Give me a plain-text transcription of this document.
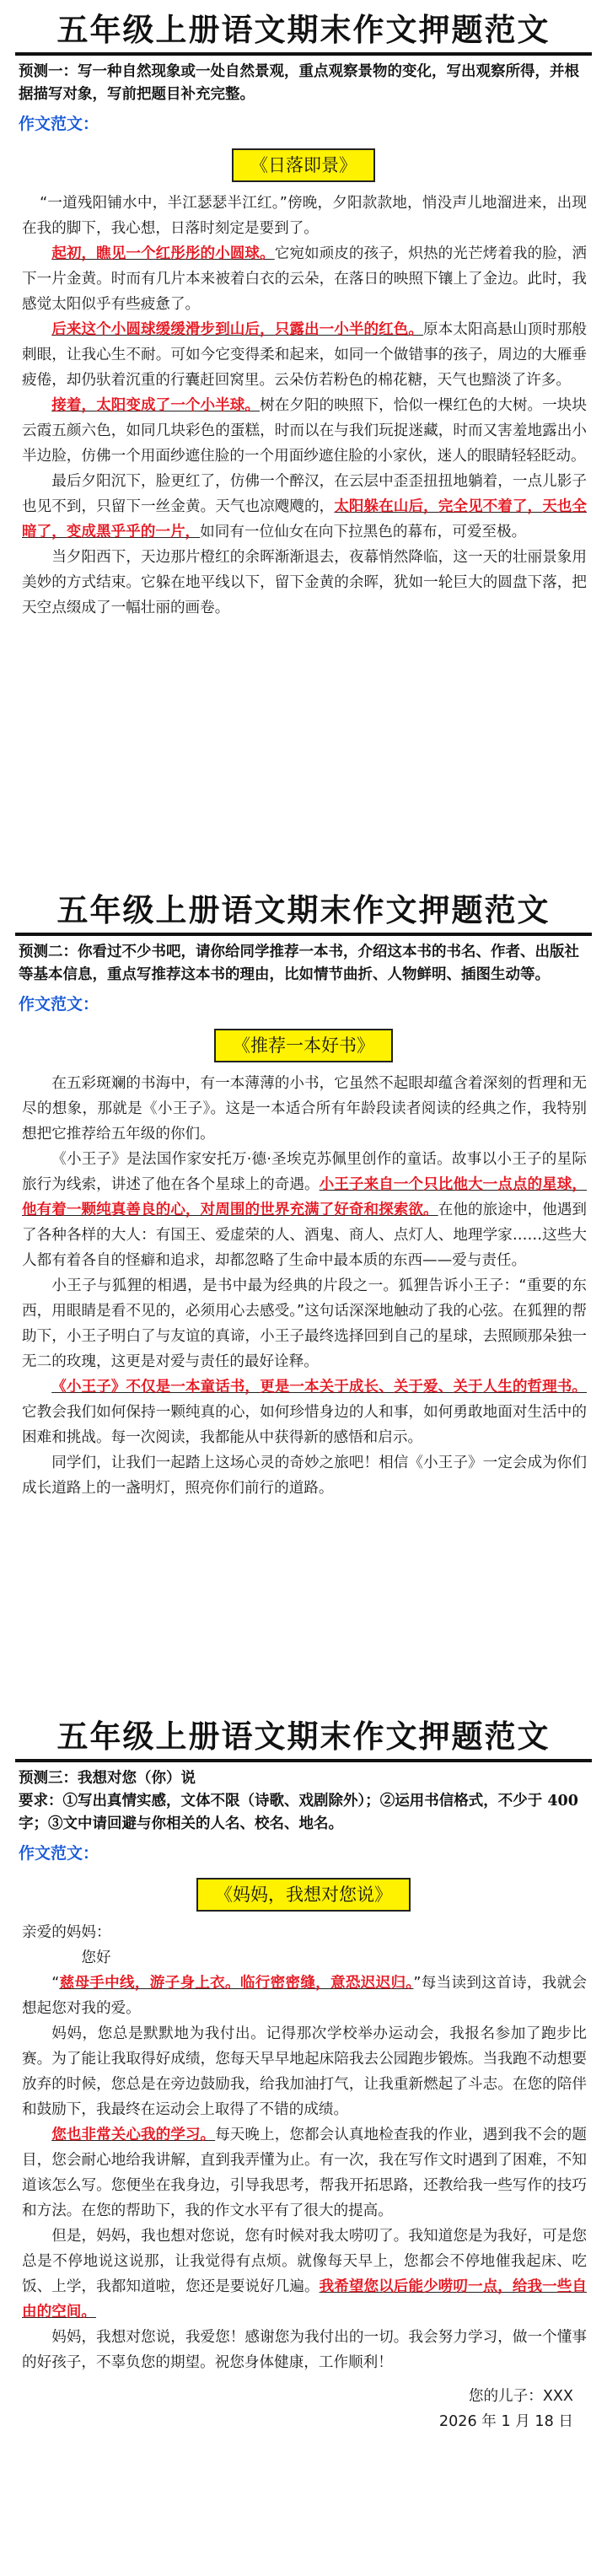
五年级上册语文期末作文押题范文
预测一：写一种自然现象或一处自然景观，重点观察景物的变化，写出观察所得，并根据描写对象，写前把题目补充完整。
作文范文：
《日落即景》

“一道残阳铺水中，半江瑟瑟半江红。”傍晚，夕阳款款地，悄没声儿地溜进来，出现在我的脚下，我心想，日落时刻定是要到了。

起初，瞧见一个红彤彤的小圆球。它宛如顽皮的孩子，炽热的光芒烤着我的脸，洒下一片金黄。时而有几片本来被着白衣的云朵，在落日的映照下镶上了金边。此时，我感觉太阳似乎有些疲惫了。

后来这个小圆球缓缓滑步到山后，只露出一小半的红色。原本太阳高悬山顶时那般刺眼，让我心生不耐。可如今它变得柔和起来，如同一个做错事的孩子，周边的大雁垂疲倦，却仍驮着沉重的行囊赶回窝里。云朵仿若粉色的棉花糖，天气也黯淡了许多。

接着，太阳变成了一个小半球。树在夕阳的映照下，恰似一棵红色的大树。一块块云霞五颜六色，如同几块彩色的蛋糕，时而以在与我们玩捉迷藏，时而又害羞地露出小半边脸，仿佛一个用面纱遮住脸的一个用面纱遮住脸的小家伙，迷人的眼睛轻轻眨动。

最后夕阳沉下，脸更红了，仿佛一个醉汉，在云层中歪歪扭扭地躺着，一点儿影子也见不到，只留下一丝金黄。天气也凉飕飕的，太阳躲在山后，完全见不着了，天也全暗了，变成黑乎乎的一片，如同有一位仙女在向下拉黑色的幕布，可爱至极。

当夕阳西下，天边那片橙红的余晖渐渐退去，夜幕悄然降临，这一天的壮丽景象用美妙的方式结束。它躲在地平线以下，留下金黄的余晖，犹如一轮巨大的圆盘下落，把天空点缀成了一幅壮丽的画卷。

五年级上册语文期末作文押题范文
预测二：你看过不少书吧，请你给同学推荐一本书，介绍这本书的书名、作者、出版社等基本信息，重点写推荐这本书的理由，比如情节曲折、人物鲜明、插图生动等。
作文范文：
《推荐一本好书》

在五彩斑斓的书海中，有一本薄薄的小书，它虽然不起眼却蕴含着深刻的哲理和无尽的想象，那就是《小王子》。这是一本适合所有年龄段读者阅读的经典之作，我特别想把它推荐给五年级的你们。

《小王子》是法国作家安托万·德·圣埃克苏佩里创作的童话。故事以小王子的星际旅行为线索，讲述了他在各个星球上的奇遇。小王子来自一个只比他大一点点的星球，他有着一颗纯真善良的心，对周围的世界充满了好奇和探索欲。在他的旅途中，他遇到了各种各样的大人：有国王、爱虚荣的人、酒鬼、商人、点灯人、地理学家……这些大人都有着各自的怪癖和追求，却都忽略了生命中最本质的东西——爱与责任。

小王子与狐狸的相遇，是书中最为经典的片段之一。狐狸告诉小王子：“重要的东西，用眼睛是看不见的，必须用心去感受。”这句话深深地触动了我的心弦。在狐狸的帮助下，小王子明白了与友谊的真谛，小王子最终选择回到自己的星球，去照顾那朵独一无二的玫瑰，这更是对爱与责任的最好诠释。

《小王子》不仅是一本童话书，更是一本关于成长、关于爱、关于人生的哲理书。它教会我们如何保持一颗纯真的心，如何珍惜身边的人和事，如何勇敢地面对生活中的困难和挑战。每一次阅读，我都能从中获得新的感悟和启示。

同学们，让我们一起踏上这场心灵的奇妙之旅吧！相信《小王子》一定会成为你们成长道路上的一盏明灯，照亮你们前行的道路。

五年级上册语文期末作文押题范文
预测三：我想对您（你）说
要求：①写出真情实感，文体不限（诗歌、戏剧除外）；②运用书信格式，不少于 400 字；③文中请回避与你相关的人名、校名、地名。
作文范文：
《妈妈，我想对您说》

亲爱的妈妈：

您好

“慈母手中线，游子身上衣。临行密密缝，意恐迟迟归。”每当读到这首诗，我就会想起您对我的爱。

妈妈，您总是默默地为我付出。记得那次学校举办运动会，我报名参加了跑步比赛。为了能让我取得好成绩，您每天早早地起床陪我去公园跑步锻炼。当我跑不动想要放弃的时候，您总是在旁边鼓励我，给我加油打气，让我重新燃起了斗志。在您的陪伴和鼓励下，我最终在运动会上取得了不错的成绩。

您也非常关心我的学习。每天晚上，您都会认真地检查我的作业，遇到我不会的题目，您会耐心地给我讲解，直到我弄懂为止。有一次，我在写作文时遇到了困难，不知道该怎么写。您便坐在我身边，引导我思考，帮我开拓思路，还教给我一些写作的技巧和方法。在您的帮助下，我的作文水平有了很大的提高。

但是，妈妈，我也想对您说，您有时候对我太唠叨了。我知道您是为我好，可是您总是不停地说这说那，让我觉得有点烦。就像每天早上，您都会不停地催我起床、吃饭、上学，我都知道啦，您还是要说好几遍。我希望您以后能少唠叨一点，给我一些自由的空间。

妈妈，我想对您说，我爱您！感谢您为我付出的一切。我会努力学习，做一个懂事的好孩子，不辜负您的期望。祝您身体健康，工作顺利！

您的儿子：XXX
2026 年 1 月 18 日
